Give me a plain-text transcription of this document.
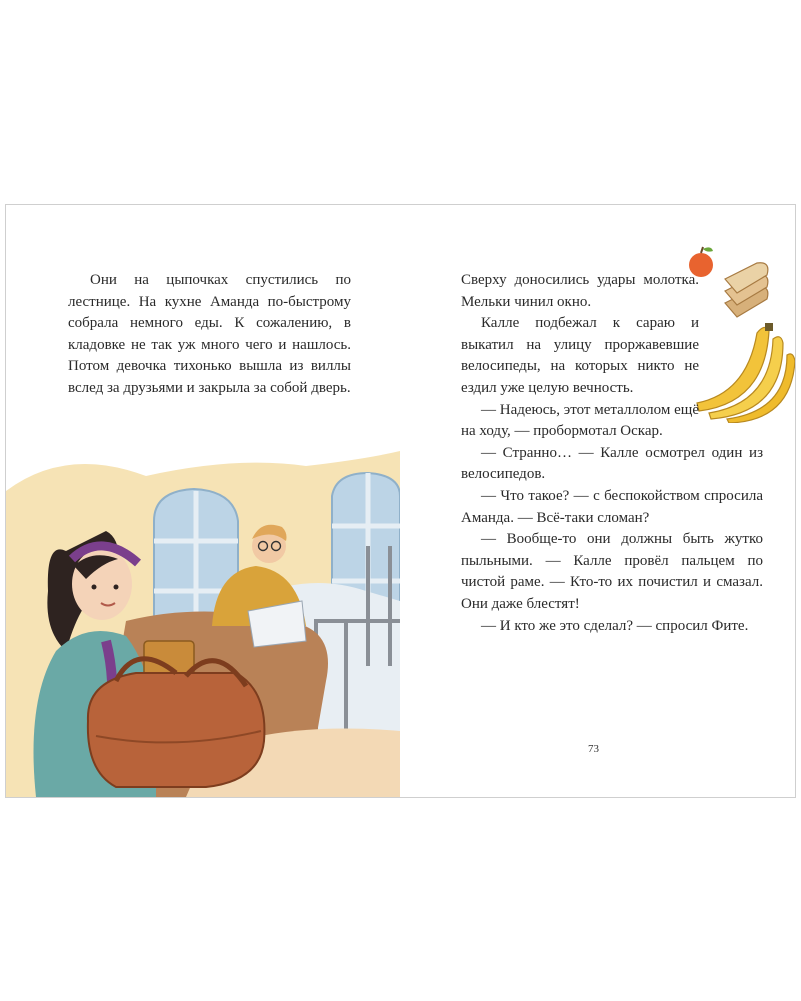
Они на цыпочках спустились по лестнице. На кухне Аманда по-быстрому собрала немного еды. К сожалению, в кладовке не так уж много чего и нашлось. Потом девочка тихонько вышла из виллы вслед за друзьями и закрыла за собой дверь.

Сверху доносились удары молотка. Мельки чинил окно.

Калле подбежал к сараю и выкатил на улицу проржавевшие велосипеды, на которых никто не ездил уже целую вечность.

— Надеюсь, этот металлолом ещё на ходу, — пробормотал Оскар.

— Странно… — Калле осмотрел один из велосипедов.

— Что такое? — с беспокойством спросила Аманда. — Всё-таки сломан?

— Вообще-то они должны быть жутко пыльными. — Калле провёл пальцем по чистой раме. — Кто-то их почистил и смазал. Они даже блестят!

— И кто же это сделал? — спросил Фите.

73
